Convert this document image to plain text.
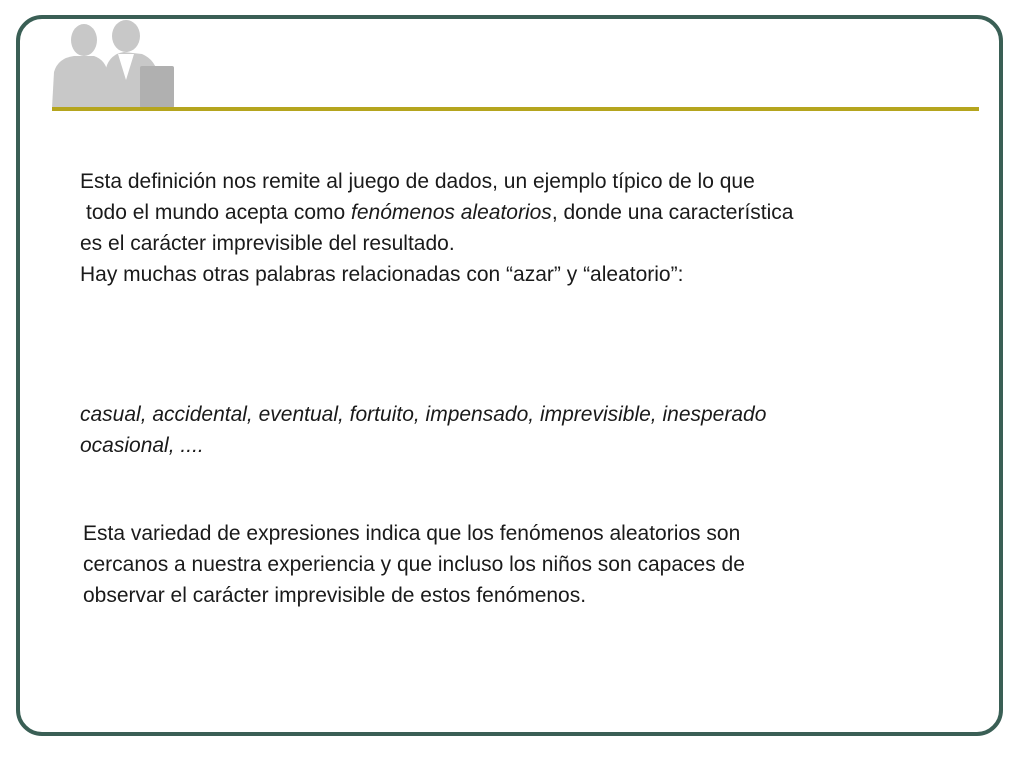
Esta definición nos remite al juego de dados, un ejemplo típico de lo que
todo el mundo acepta como fenómenos aleatorios, donde una característica
es el carácter imprevisible del resultado.
Hay muchas otras palabras relacionadas con “azar” y “aleatorio”:
casual, accidental, eventual, fortuito, impensado, imprevisible, inesperado
ocasional, ....
Esta variedad de expresiones indica que los fenómenos aleatorios son
cercanos a nuestra experiencia y que incluso los niños son capaces de
observar el carácter imprevisible de estos fenómenos.
